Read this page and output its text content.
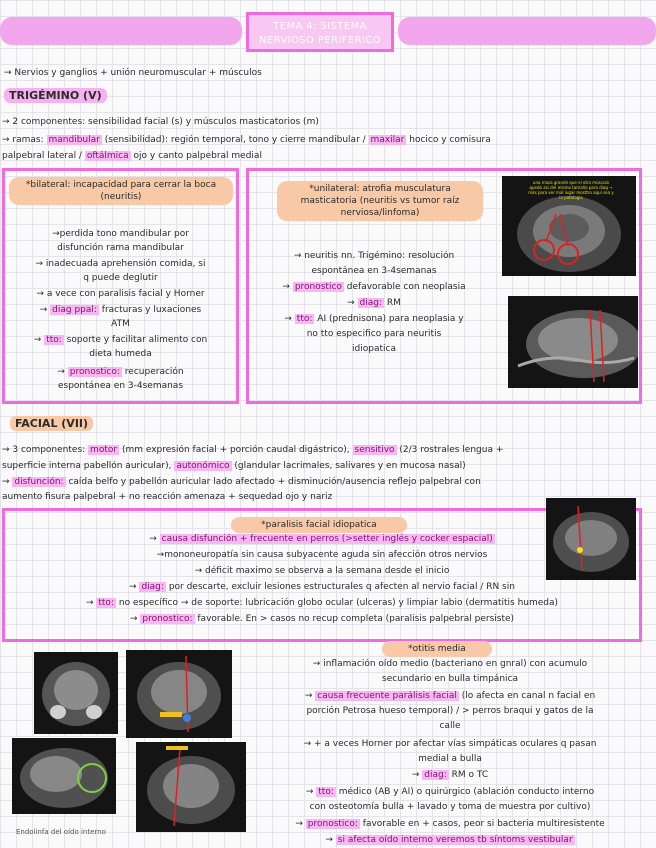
TEMA 4: SISTEMA
NERVIOSO PERIFERICO
→ Nervios y ganglios + unión neuromuscular + músculos
TRIGÉMINO (V)
→ 2 componentes: sensibilidad facial (s) y músculos masticatorios (m)
→ ramas: mandibular (sensibilidad): región temporal, tono y cierre mandibular / maxilar hocico y comisura
palpebral lateral / oftálmica ojo y canto palpebral medial
*bilateral: incapacidad para cerrar la boca (neuritis)
→perdida tono mandibular por
disfunción rama mandibular
→ inadecuada aprehensión comida, si
q puede deglutir
→ a vece con paralisis facial y Horner
→ diag ppal: fracturas y luxaciones
ATM
→ tto: soporte y facilitar alimento con
dieta humeda
→ pronostico: recuperación
espontánea en 3-4semanas
*unilateral: atrofia musculatura masticatoria (neuritis vs tumor raíz nerviosa/linfoma)
→ neuritis nn. Trigémino: resolución
espontánea en 3-4semanas
→ pronostico defavorable con neoplasia
→ diag: RM
→ tto: AI (prednisona) para neoplasia y
no tto especifico para neuritis
idiopatica
una masa grande que el otro músculo queda asi del mismo tamaño para diag → más para ver mal lugar mosttro aquí sea y la patología
FACIAL (VII)
→ 3 componentes: motor (mm expresión facial + porción caudal digástrico), sensitivo (2/3 rostrales lengua +
superficie interna pabellón auricular), autonómico (glandular lacrimales, salivares y en mucosa nasal)
→ disfunción: caída belfo y pabellón auricular lado afectado + disminución/ausencia reflejo palpebral con
aumento fisura palpebral + no reacción amenaza + sequedad ojo y nariz
*paralisis facial idiopatica
→ causa disfunción + frecuente en perros (>setter inglés y cocker espacial)
→mononeuropatía sin causa subyacente aguda sin afección otros nervios
→ déficit maximo se observa a la semana desde el inicio
→ diag: por descarte, excluir lesiones estructurales q afecten al nervio facial / RN sin
→ tto: no específico → de soporte: lubricación globo ocular (ulceras) y limpiar labio (dermatitis humeda)
→ pronostico: favorable. En > casos no recup completa (paralisis palpebral persiste)
*otitis media
→ inflamación oído medio (bacteriano en gnral) con acumulo
secundario en bulla timpánica
→ causa frecuente parálisis facial (lo afecta en canal n facial en
porción Petrosa hueso temporal) / > perros braqui y gatos de la
calle
→ + a veces Horner por afectar vías simpáticas oculares q pasan
medial a bulla
→ diag: RM o TC
→ tto: médico (AB y AI) o quirúrgico (ablación conducto interno
con osteotomía bulla + lavado y toma de muestra por cultivo)
→ pronostico: favorable en + casos, peor si bacteria multiresistente
→ si afecta oído interno veremos tb síntoms vestibular
Endolinfa del oído interno
